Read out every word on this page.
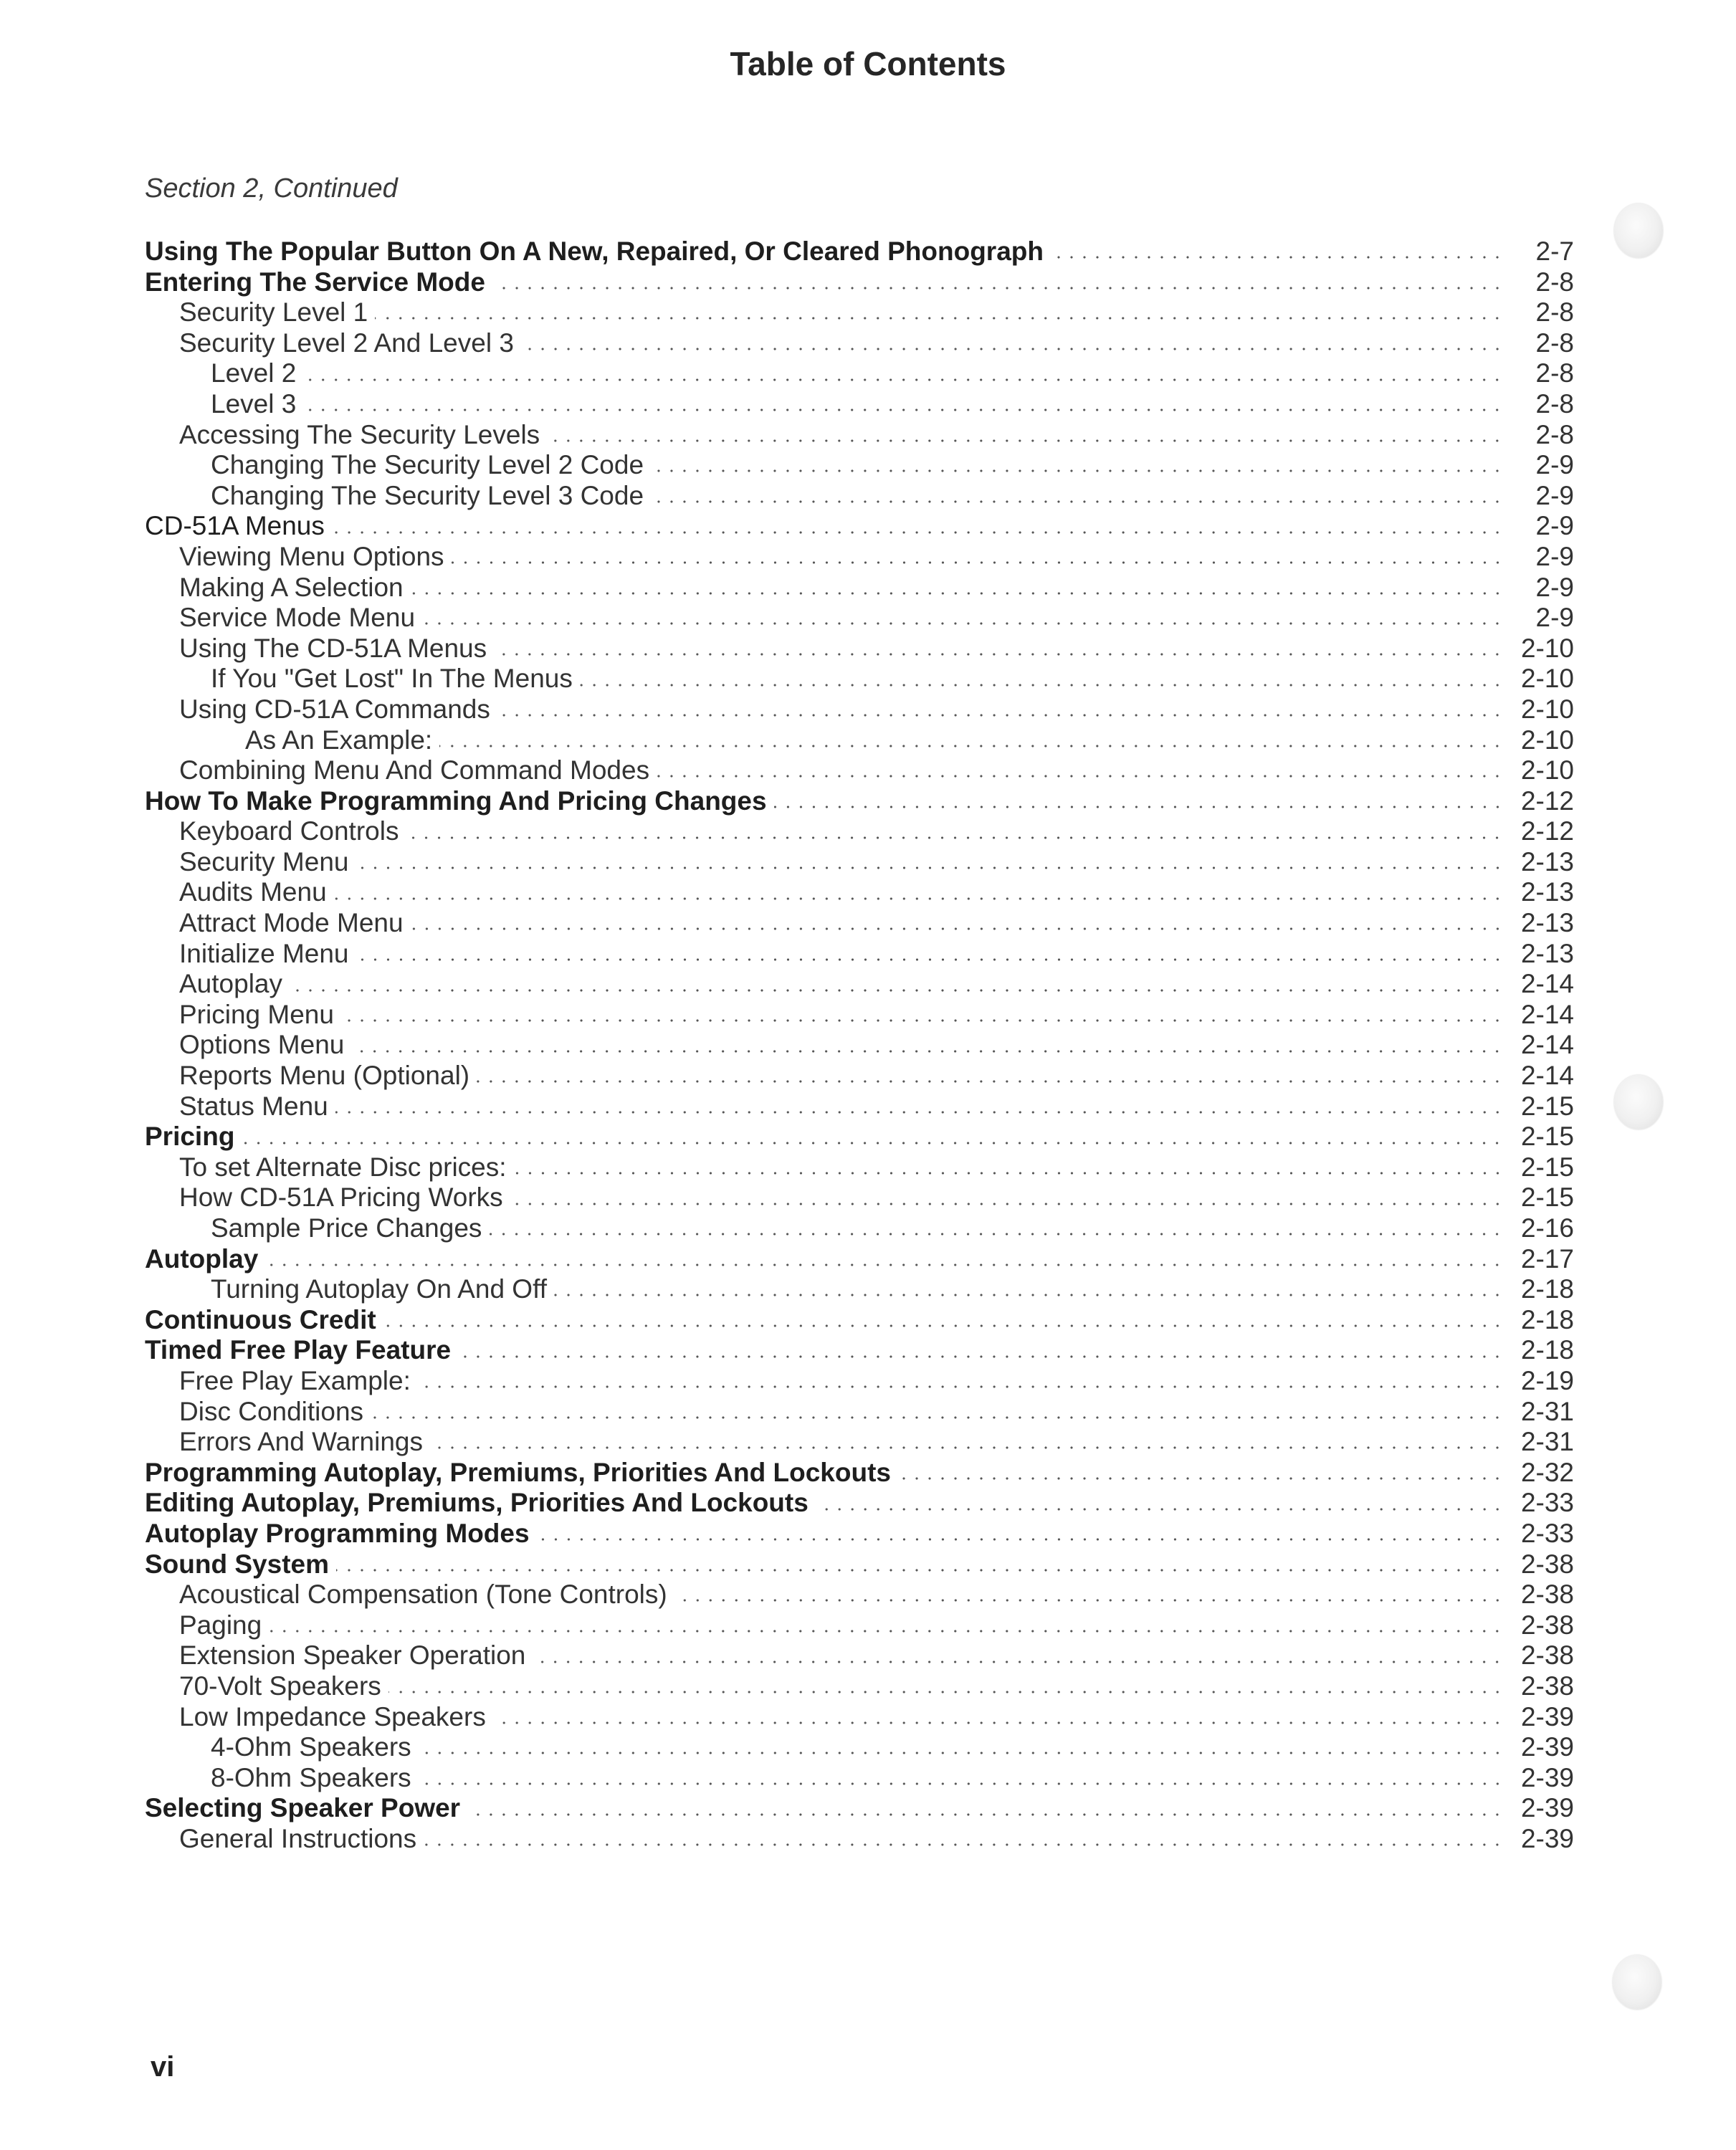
Table of Contents
Section 2, Continued
Using The Popular Button On A New, Repaired, Or Cleared Phonograph	2-7
Entering The Service Mode	2-8
Security Level 1	2-8
Security Level 2 And Level 3	2-8
Level 2	2-8
Level 3	2-8
Accessing The Security Levels	2-8
Changing The Security Level 2 Code	2-9
Changing The Security Level 3 Code	2-9
CD-51A Menus	2-9
Viewing Menu Options	2-9
Making A Selection	2-9
Service Mode Menu	2-9
Using The CD-51A Menus	2-10
If You "Get Lost" In The Menus	2-10
Using CD-51A Commands	2-10
As An Example:	2-10
Combining Menu And Command Modes	2-10
How To Make Programming And Pricing Changes	2-12
Keyboard Controls	2-12
Security Menu	2-13
Audits Menu	2-13
Attract Mode Menu	2-13
Initialize Menu	2-13
Autoplay	2-14
Pricing Menu	2-14
Options Menu	2-14
Reports Menu (Optional)	2-14
Status Menu	2-15
Pricing	2-15
To set Alternate Disc prices:	2-15
How CD-51A Pricing Works	2-15
Sample Price Changes	2-16
Autoplay	2-17
Turning Autoplay On And Off	2-18
Continuous Credit	2-18
Timed Free Play Feature	2-18
Free Play Example:	2-19
Disc Conditions	2-31
Errors And Warnings	2-31
Programming Autoplay, Premiums, Priorities And Lockouts	2-32
Editing Autoplay, Premiums, Priorities And Lockouts	2-33
Autoplay Programming Modes	2-33
Sound System	2-38
Acoustical Compensation (Tone Controls)	2-38
Paging	2-38
Extension Speaker Operation	2-38
70-Volt Speakers	2-38
Low Impedance Speakers	2-39
4-Ohm Speakers	2-39
8-Ohm Speakers	2-39
Selecting Speaker Power	2-39
General Instructions	2-39
vi
